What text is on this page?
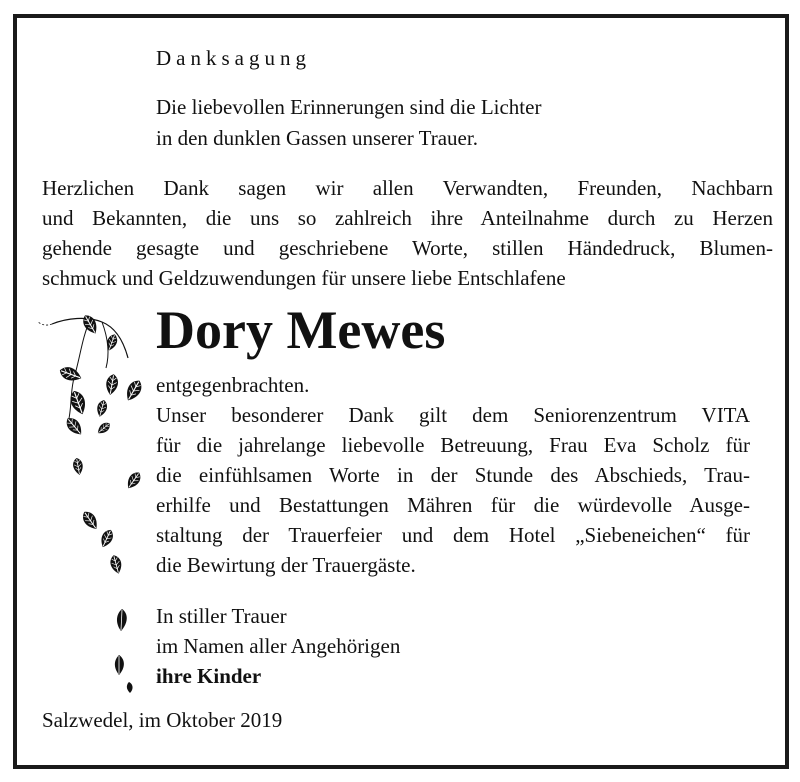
Danksagung
Die liebevollen Erinnerungen sind die Lichter
in den dunklen Gassen unserer Trauer.
Herzlichen Dank sagen wir allen Verwandten, Freunden, Nachbarn
und Bekannten, die uns so zahlreich ihre Anteilnahme durch zu Herzen
gehende gesagte und geschriebene Worte, stillen Händedruck, Blumen-
schmuck und Geldzuwendungen für unsere liebe Entschlafene
Dory Mewes
entgegenbrachten.
Unser besonderer Dank gilt dem Seniorenzentrum VITA
für die jahrelange liebevolle Betreuung, Frau Eva Scholz für
die einfühlsamen Worte in der Stunde des Abschieds, Trau-
erhilfe und Bestattungen Mähren für die würdevolle Ausge-
staltung der Trauerfeier und dem Hotel „Siebeneichen“ für
die Bewirtung der Trauergäste.
In stiller Trauer
im Namen aller Angehörigen
ihre Kinder
Salzwedel, im Oktober 2019
